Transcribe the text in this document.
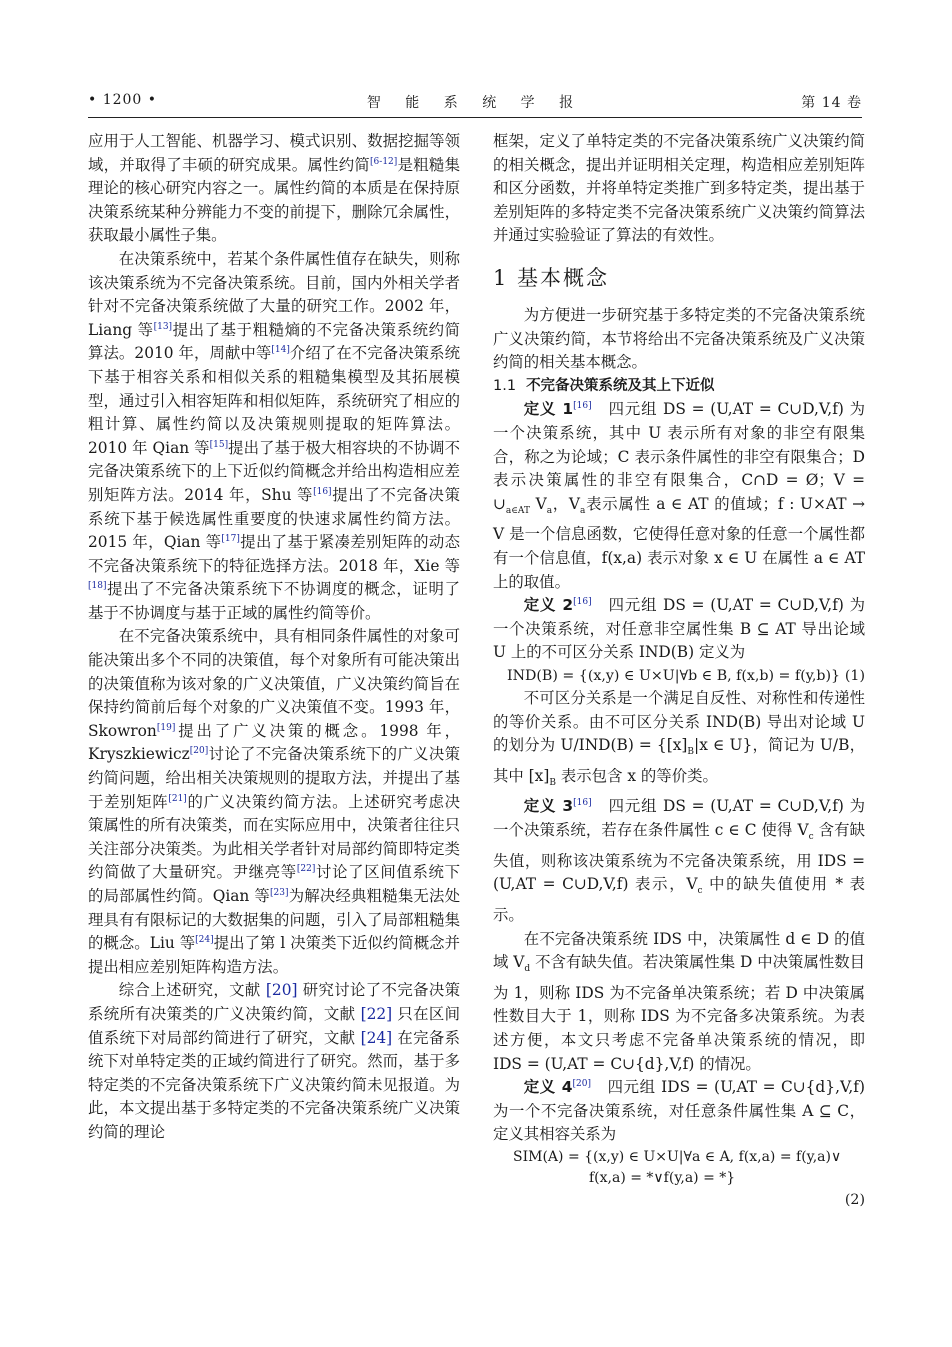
• 1200 •	智 能 系 统 学 报	第 14 卷

应用于人工智能、机器学习、模式识别、数据挖掘等领域，并取得了丰硕的研究成果。属性约简[6-12]是粗糙集理论的核心研究内容之一。属性约简的本质是在保持原决策系统某种分辨能力不变的前提下，删除冗余属性，获取最小属性子集。

在决策系统中，若某个条件属性值存在缺失，则称该决策系统为不完备决策系统。目前，国内外相关学者针对不完备决策系统做了大量的研究工作。2002 年，Liang 等[13]提出了基于粗糙熵的不完备决策系统约简算法。2010 年，周献中等[14]介绍了在不完备决策系统下基于相容关系和相似关系的粗糙集模型及其拓展模型，通过引入相容矩阵和相似矩阵，系统研究了相应的粗计算、属性约简以及决策规则提取的矩阵算法。2010 年 Qian 等[15]提出了基于极大相容块的不协调不完备决策系统下的上下近似约简概念并给出构造相应差别矩阵方法。2014 年，Shu 等[16]提出了不完备决策系统下基于候选属性重要度的快速求属性约简方法。2015 年，Qian 等[17]提出了基于紧凑差别矩阵的动态不完备决策系统下的特征选择方法。2018 年，Xie 等[18]提出了不完备决策系统下不协调度的概念，证明了基于不协调度与基于正域的属性约简等价。

在不完备决策系统中，具有相同条件属性的对象可能决策出多个不同的决策值，每个对象所有可能决策出的决策值称为该对象的广义决策值，广义决策约简旨在保持约简前后每个对象的广义决策值不变。1993 年，Skowron[19]提出了广义决策的概念。1998 年，Kryszkiewicz[20]讨论了不完备决策系统下的广义决策约简问题，给出相关决策规则的提取方法，并提出了基于差别矩阵[21]的广义决策约简方法。上述研究考虑决策属性的所有决策类，而在实际应用中，决策者往往只关注部分决策类。为此相关学者针对局部约简即特定类约简做了大量研究。尹继亮等[22]讨论了区间值系统下的局部属性约简。Qian 等[23]为解决经典粗糙集无法处理具有有限标记的大数据集的问题，引入了局部粗糙集的概念。Liu 等[24]提出了第 l 决策类下近似约简概念并提出相应差别矩阵构造方法。

综合上述研究，文献 [20] 研究讨论了不完备决策系统所有决策类的广义决策约简，文献 [22] 只在区间值系统下对局部约简进行了研究，文献 [24] 在完备系统下对单特定类的正域约简进行了研究。然而，基于多特定类的不完备决策系统下广义决策约简未见报道。为此，本文提出基于多特定类的不完备决策系统广义决策约简的理论

框架，定义了单特定类的不完备决策系统广义决策约简的相关概念，提出并证明相关定理，构造相应差别矩阵和区分函数，并将单特定类推广到多特定类，提出基于差别矩阵的多特定类不完备决策系统广义决策约简算法并通过实验验证了算法的有效性。

1 基本概念

为方便进一步研究基于多特定类的不完备决策系统广义决策约简，本节将给出不完备决策系统及广义决策约简的相关基本概念。

1.1 不完备决策系统及其上下近似

定义 1[16]　四元组 DS = (U,AT = C∪D,V,f) 为一个决策系统，其中 U 表示所有对象的非空有限集合，称之为论域；C 表示条件属性的非空有限集合；D 表示决策属性的非空有限集合，C∩D = Ø；$V = \cup_{a\in AT}$ $V_a$，$V_a$表示属性 a ∈ AT 的值域；f : U×AT → V 是一个信息函数，它使得任意对象的任意一个属性都有一个信息值，f(x,a) 表示对象 x ∈ U 在属性 a ∈ AT 上的取值。

定义 2[16]　四元组 DS = (U,AT = C∪D,V,f) 为一个决策系统，对任意非空属性集 B ⊆ AT 导出论域 U 上的不可区分关系 IND(B) 定义为

IND(B) = {(x,y) ∈ U×U|∀b ∈ B, f(x,b) = f(y,b)} (1)

不可区分关系是一个满足自反性、对称性和传递性的等价关系。由不可区分关系 IND(B) 导出对论域 U 的划分为 $U/IND(B) = \{[x]_B|x$ ∈ U}，简记为 U/B，其中 $[x]_B$ 表示包含 x 的等价类。

定义 3[16]　四元组 DS = (U,AT = C∪D,V,f) 为一个决策系统，若存在条件属性 c ∈ C 使得 $V_c$ 含有缺失值，则称该决策系统为不完备决策系统，用 IDS = (U,AT = C∪D,V,f) 表示，$V_c$ 中的缺失值使用 * 表示。

在不完备决策系统 IDS 中，决策属性 d ∈ D 的值域 $V_d$ 不含有缺失值。若决策属性集 D 中决策属性数目为 1，则称 IDS 为不完备单决策系统；若 D 中决策属性数目大于 1，则称 IDS 为不完备多决策系统。为表述方便，本文只考虑不完备单决策系统的情况，即 IDS = (U,AT = C∪{d},V,f) 的情况。

定义 4[20]　四元组 IDS = (U,AT = C∪{d},V,f) 为一个不完备决策系统，对任意条件属性集 A ⊆ C，定义其相容关系为

SIM(A) = {(x,y) ∈ U×U|∀a ∈ A, f(x,a) = f(y,a)∨
f(x,a) = *∨f(y,a) = *}
(2)
